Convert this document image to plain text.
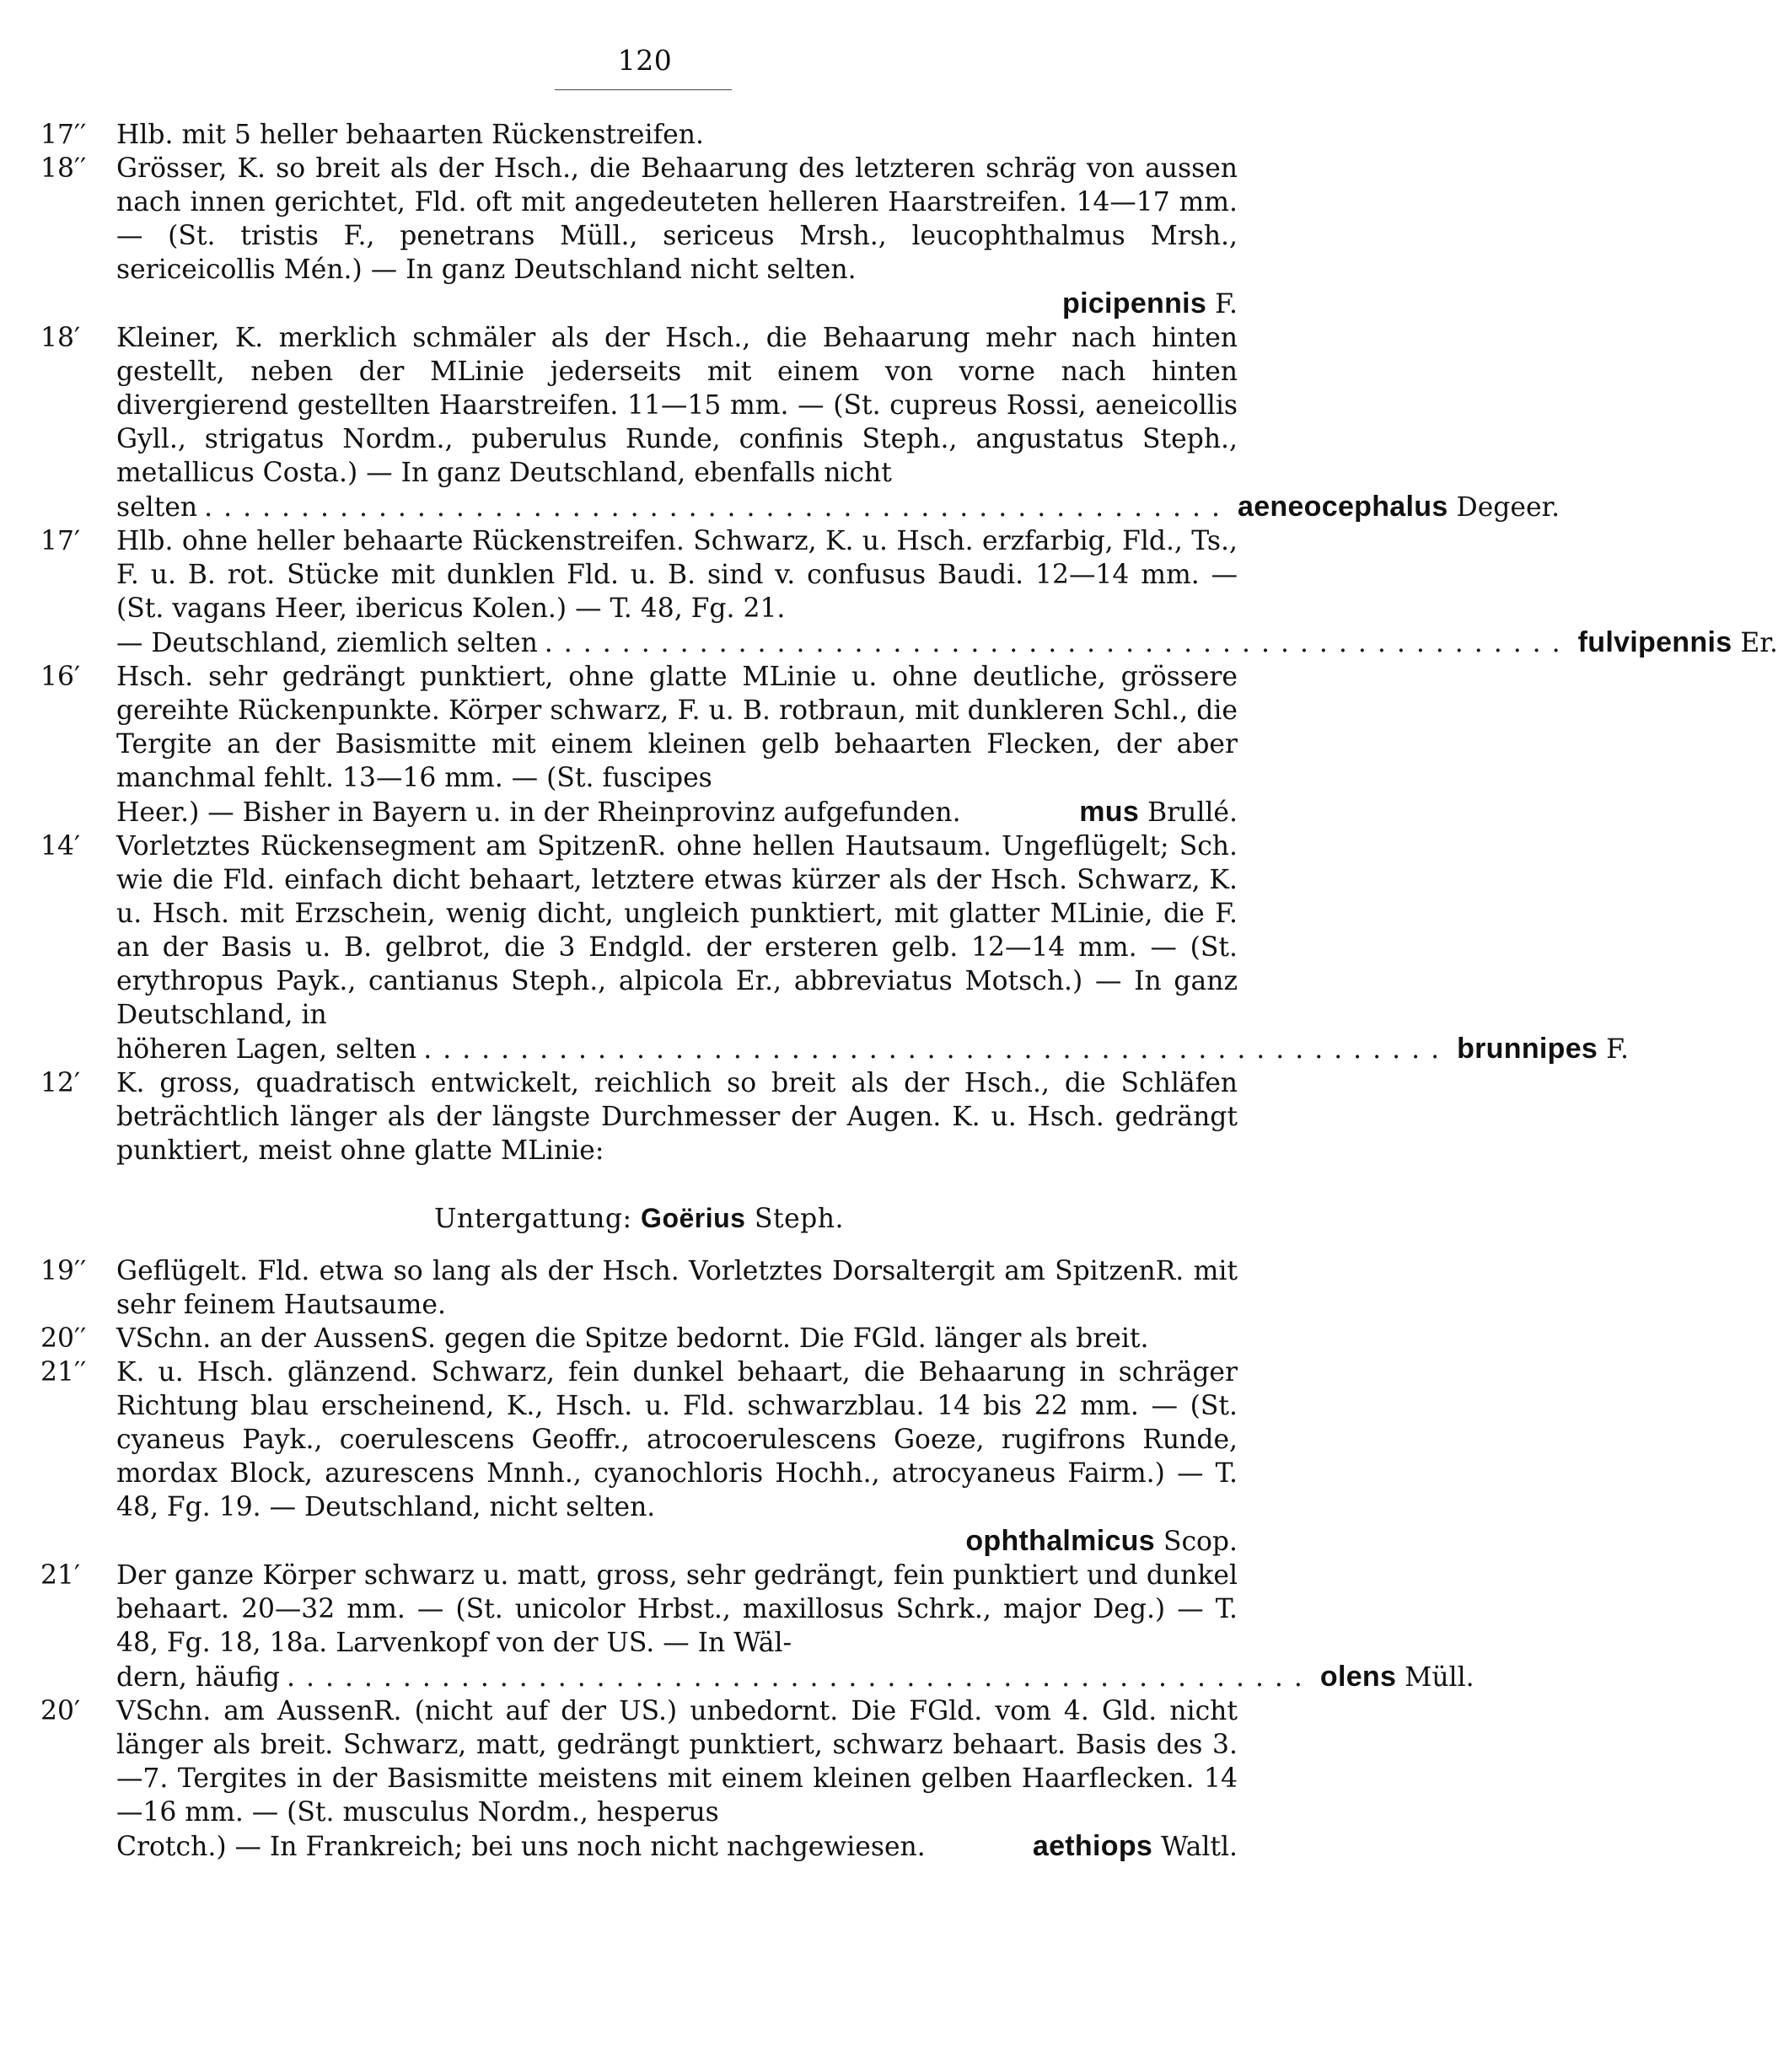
120
17′′	Hlb. mit 5 heller behaarten Rückenstreifen.
18′′	Grösser, K. so breit als der Hsch., die Behaarung des letzteren schräg von aussen nach innen gerichtet, Fld. oft mit angedeuteten helleren Haarstreifen. 14—17 mm. — (St. tristis F., penetrans Müll., sericeus Mrsh., leucophthalmus Mrsh., sericeicollis Mén.) — In ganz Deutschland nicht selten.
picipennis F.
18′	Kleiner, K. merklich schmäler als der Hsch., die Behaarung mehr nach hinten gestellt, neben der MLinie jederseits mit einem von vorne nach hinten divergierend gestellten Haarstreifen. 11—15 mm. — (St. cupreus Rossi, aeneicollis Gyll., strigatus Nordm., puberulus Runde, confinis Steph., angustatus Steph., metallicus Costa.) — In ganz Deutschland, ebenfalls nicht
selten ..................................................... aeneocephalus Degeer.
17′	Hlb. ohne heller behaarte Rückenstreifen. Schwarz, K. u. Hsch. erzfarbig, Fld., Ts., F. u. B. rot. Stücke mit dunklen Fld. u. B. sind v. confusus Baudi. 12—14 mm. — (St. vagans Heer, ibericus Kolen.) — T. 48, Fg. 21.
— Deutschland, ziemlich selten ..................................................... fulvipennis Er.
16′	Hsch. sehr gedrängt punktiert, ohne glatte MLinie u. ohne deutliche, grössere gereihte Rückenpunkte. Körper schwarz, F. u. B. rotbraun, mit dunkleren Schl., die Tergite an der Basismitte mit einem kleinen gelb behaarten Flecken, der aber manchmal fehlt. 13—16 mm. — (St. fuscipes
Heer.) — Bisher in Bayern u. in der Rheinprovinz aufgefunden.	mus Brullé.
14′	Vorletztes Rückensegment am SpitzenR. ohne hellen Hautsaum. Ungeflügelt; Sch. wie die Fld. einfach dicht behaart, letztere etwas kürzer als der Hsch. Schwarz, K. u. Hsch. mit Erzschein, wenig dicht, ungleich punktiert, mit glatter MLinie, die F. an der Basis u. B. gelbrot, die 3 Endgld. der ersteren gelb. 12—14 mm. — (St. erythropus Payk., cantianus Steph., alpicola Er., abbreviatus Motsch.) — In ganz Deutschland, in
höheren Lagen, selten ..................................................... brunnipes F.
12′	K. gross, quadratisch entwickelt, reichlich so breit als der Hsch., die Schläfen beträchtlich länger als der längste Durchmesser der Augen. K. u. Hsch. gedrängt punktiert, meist ohne glatte MLinie:
Untergattung: Goërius Steph.
19′′	Geflügelt. Fld. etwa so lang als der Hsch. Vorletztes Dorsaltergit am SpitzenR. mit sehr feinem Hautsaume.
20′′	VSchn. an der AussenS. gegen die Spitze bedornt. Die FGld. länger als breit.
21′′	K. u. Hsch. glänzend. Schwarz, fein dunkel behaart, die Behaarung in schräger Richtung blau erscheinend, K., Hsch. u. Fld. schwarzblau. 14 bis 22 mm. — (St. cyaneus Payk., coerulescens Geoffr., atrocoerulescens Goeze, rugifrons Runde, mordax Block, azurescens Mnnh., cyanochloris Hochh., atrocyaneus Fairm.) — T. 48, Fg. 19. — Deutschland, nicht selten.
ophthalmicus Scop.
21′	Der ganze Körper schwarz u. matt, gross, sehr gedrängt, fein punktiert und dunkel behaart. 20—32 mm. — (St. unicolor Hrbst., maxillosus Schrk., major Deg.) — T. 48, Fg. 18, 18a. Larvenkopf von der US. — In Wäl-
dern, häufig ..................................................... olens Müll.
20′	VSchn. am AussenR. (nicht auf der US.) unbedornt. Die FGld. vom 4. Gld. nicht länger als breit. Schwarz, matt, gedrängt punktiert, schwarz behaart. Basis des 3.—7. Tergites in der Basismitte meistens mit einem kleinen gelben Haarflecken. 14—16 mm. — (St. musculus Nordm., hesperus
Crotch.) — In Frankreich; bei uns noch nicht nachgewiesen.	aethiops Waltl.
